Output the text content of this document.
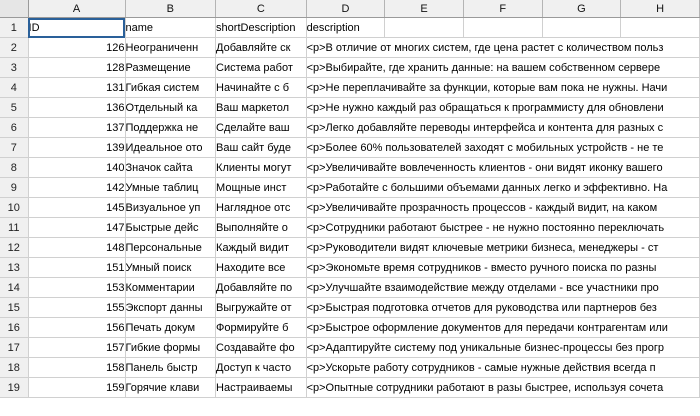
	A	B	C	D	E	F	G	H
1	ID	name	shortDescription	description				

2	126	Неограниченн	Добавляйте ск	<p>В отличие от многих систем, где цена растет с количеством польз				

3	128	Размещение	Система работ	<p>Выбирайте, где хранить данные: на вашем собственном сервере				

4	131	Гибкая систем	Начинайте с б	<p>Не переплачивайте за функции, которые вам пока не нужны. Начи				

5	136	Отдельный ка	Ваш маркетол	<p>Не нужно каждый раз обращаться к программисту для обновлени				

6	137	Поддержка не	Сделайте ваш	<p>Легко добавляйте переводы интерфейса и контента для разных с				

7	139	Идеальное ото	Ваш сайт буде	<p>Более 60% пользователей заходят с мобильных устройств - не те				

8	140	Значок сайта	Клиенты могут	<p>Увеличивайте вовлеченность клиентов - они видят иконку вашего				

9	142	Умные таблиц	Мощные инст	<p>Работайте с большими объемами данных легко и эффективно. На				

10	145	Визуальное уп	Наглядное отс	<p>Увеличивайте прозрачность процессов - каждый видит, на каком				

11	147	Быстрые дейс	Выполняйте о	<p>Сотрудники работают быстрее - не нужно постоянно переключать				

12	148	Персональные	Каждый видит	<p>Руководители видят ключевые метрики бизнеса, менеджеры - ст				

13	151	Умный поиск	Находите все	<p>Экономьте время сотрудников - вместо ручного поиска по разны				

14	153	Комментарии	Добавляйте по	<p>Улучшайте взаимодействие между отделами - все участники про				

15	155	Экспорт данны	Выгружайте от	<p>Быстрая подготовка отчетов для руководства или партнеров без				

16	156	Печать докум	Формируйте б	<p>Быстрое оформление документов для передачи контрагентам или				

17	157	Гибкие формы	Создавайте фо	<p>Адаптируйте систему под уникальные бизнес-процессы без прогр				

18	158	Панель быстр	Доступ к часто	<p>Ускорьте работу сотрудников - самые нужные действия всегда п				

19	159	Горячие клави	Настраиваемы	<p>Опытные сотрудники работают в разы быстрее, используя сочета				
